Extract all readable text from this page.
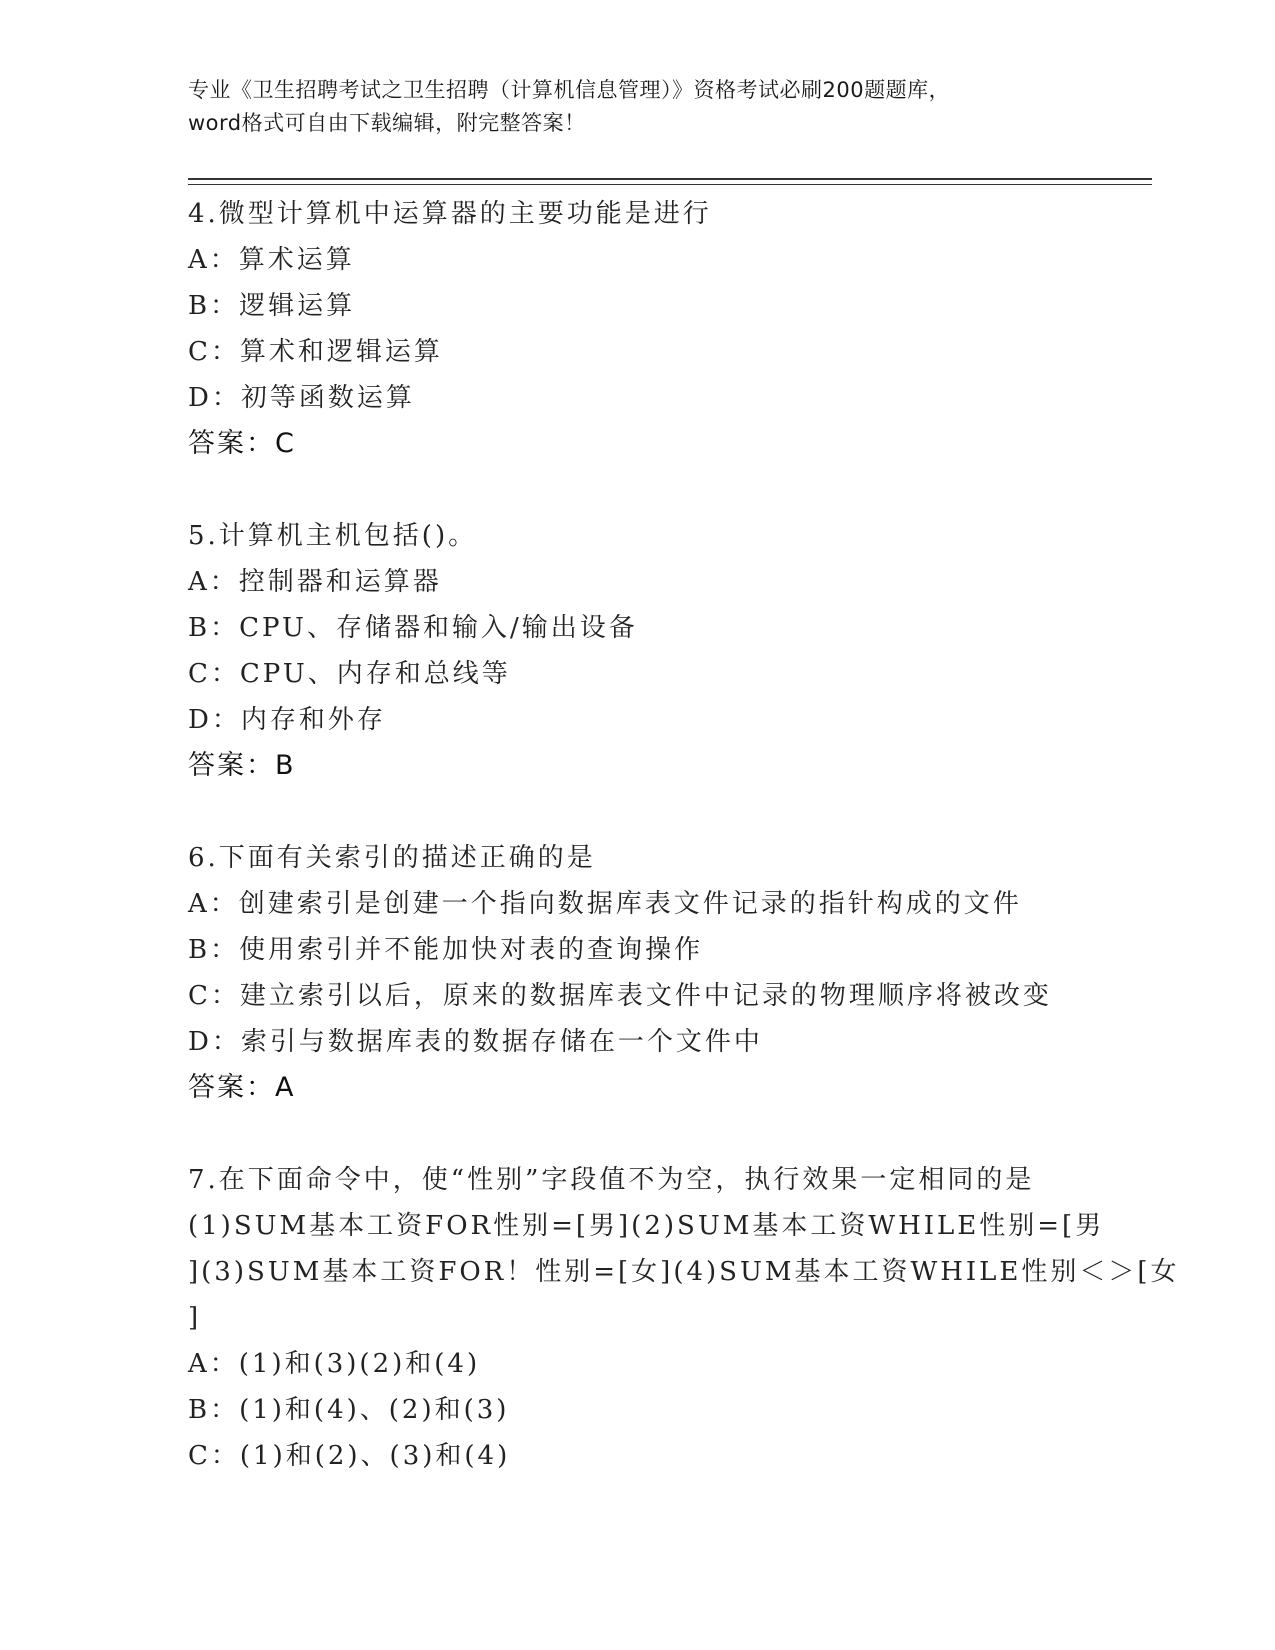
专业《卫生招聘考试之卫生招聘（计算机信息管理）》资格考试必刷200题题库，
word格式可自由下载编辑，附完整答案！
4.微型计算机中运算器的主要功能是进行
A：算术运算
B：逻辑运算
C：算术和逻辑运算
D：初等函数运算
答案：C
5.计算机主机包括()。
A：控制器和运算器
B：CPU、存储器和输入/输出设备
C：CPU、内存和总线等
D：内存和外存
答案：B
6.下面有关索引的描述正确的是
A：创建索引是创建一个指向数据库表文件记录的指针构成的文件
B：使用索引并不能加快对表的查询操作
C：建立索引以后，原来的数据库表文件中记录的物理顺序将被改变
D：索引与数据库表的数据存储在一个文件中
答案：A
7.在下面命令中，使“性别”字段值不为空，执行效果一定相同的是
(1)SUM基本工资FOR性别=[男](2)SUM基本工资WHILE性别=[男
](3)SUM基本工资FOR！性别=[女](4)SUM基本工资WHILE性别＜＞[女
]
A：(1)和(3)(2)和(4)
B：(1)和(4)、(2)和(3)
C：(1)和(2)、(3)和(4)
